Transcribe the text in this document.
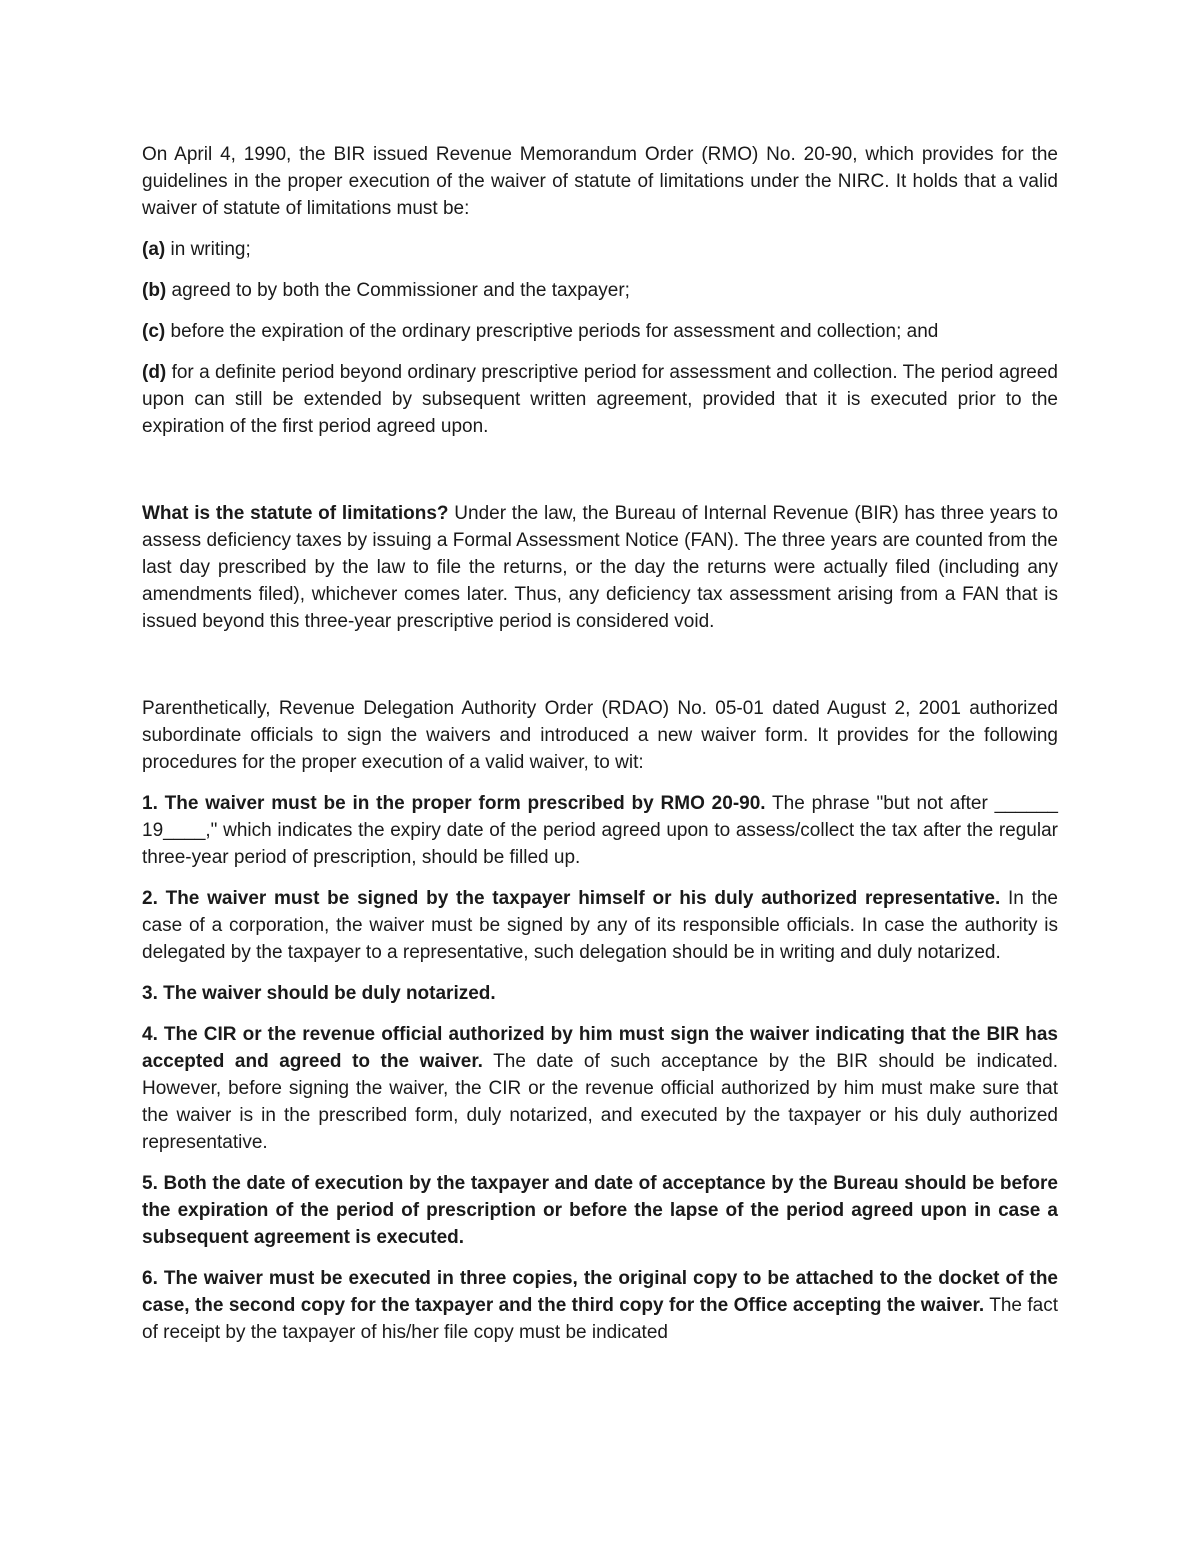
On April 4, 1990, the BIR issued Revenue Memorandum Order (RMO) No. 20-90, which provides for the guidelines in the proper execution of the waiver of statute of limitations under the NIRC. It holds that a valid waiver of statute of limitations must be:

(a) in writing;

(b) agreed to by both the Commissioner and the taxpayer;

(c) before the expiration of the ordinary prescriptive periods for assessment and collection; and

(d) for a definite period beyond ordinary prescriptive period for assessment and collection. The period agreed upon can still be extended by subsequent written agreement, provided that it is executed prior to the expiration of the first period agreed upon.

What is the statute of limitations? Under the law, the Bureau of Internal Revenue (BIR) has three years to assess deficiency taxes by issuing a Formal Assessment Notice (FAN). The three years are counted from the last day prescribed by the law to file the returns, or the day the returns were actually filed (including any amendments filed), whichever comes later. Thus, any deficiency tax assessment arising from a FAN that is issued beyond this three-year prescriptive period is considered void.

Parenthetically, Revenue Delegation Authority Order (RDAO) No. 05-01 dated August 2, 2001 authorized subordinate officials to sign the waivers and introduced a new waiver form. It provides for the following procedures for the proper execution of a valid waiver, to wit:

1. The waiver must be in the proper form prescribed by RMO 20-90. The phrase "but not after ______ 19____," which indicates the expiry date of the period agreed upon to assess/collect the tax after the regular three-year period of prescription, should be filled up.

2. The waiver must be signed by the taxpayer himself or his duly authorized representative. In the case of a corporation, the waiver must be signed by any of its responsible officials. In case the authority is delegated by the taxpayer to a representative, such delegation should be in writing and duly notarized.

3. The waiver should be duly notarized.

4. The CIR or the revenue official authorized by him must sign the waiver indicating that the BIR has accepted and agreed to the waiver. The date of such acceptance by the BIR should be indicated. However, before signing the waiver, the CIR or the revenue official authorized by him must make sure that the waiver is in the prescribed form, duly notarized, and executed by the taxpayer or his duly authorized representative.

5. Both the date of execution by the taxpayer and date of acceptance by the Bureau should be before the expiration of the period of prescription or before the lapse of the period agreed upon in case a subsequent agreement is executed.

6. The waiver must be executed in three copies, the original copy to be attached to the docket of the case, the second copy for the taxpayer and the third copy for the Office accepting the waiver. The fact of receipt by the taxpayer of his/her file copy must be indicated
